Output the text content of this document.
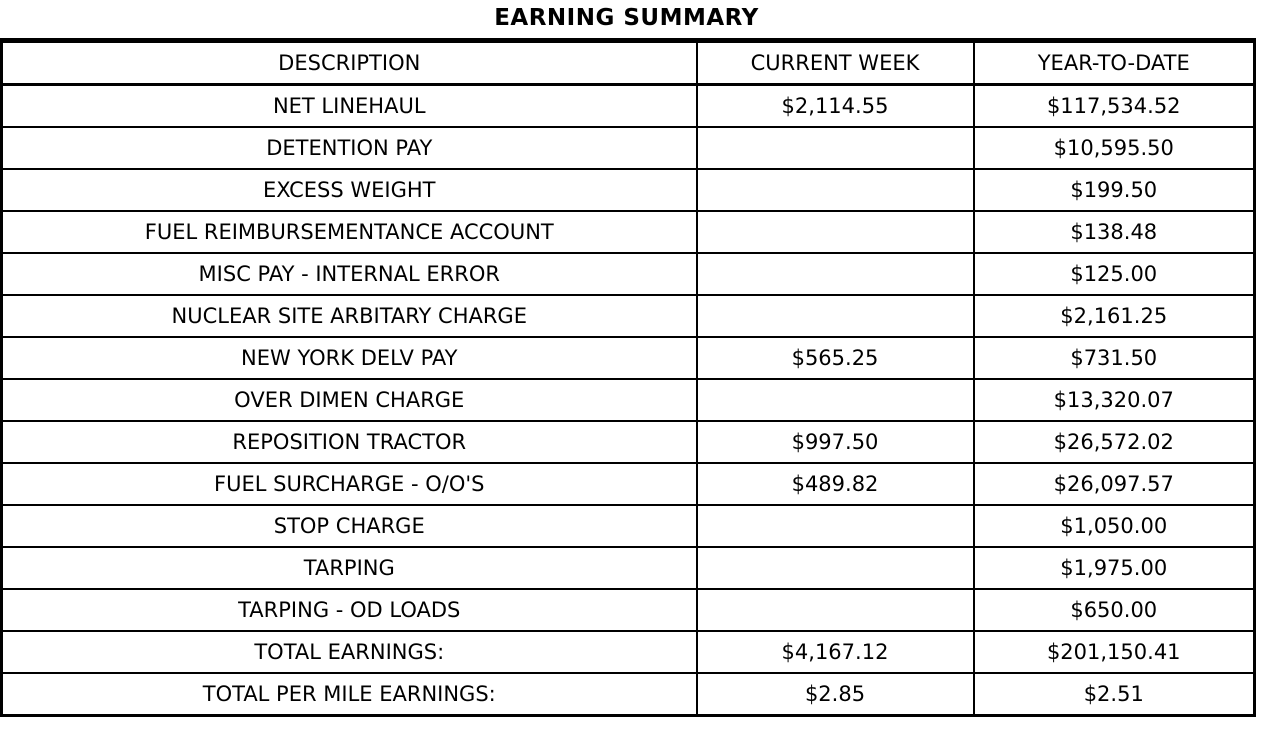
EARNING SUMMARY
DESCRIPTION	CURRENT WEEK	YEAR-TO-DATE
NET LINEHAUL	$2,114.55	$117,534.52
DETENTION PAY		$10,595.50
EXCESS WEIGHT		$199.50
FUEL REIMBURSEMENTANCE ACCOUNT		$138.48
MISC PAY - INTERNAL ERROR		$125.00
NUCLEAR SITE ARBITARY CHARGE		$2,161.25
NEW YORK DELV PAY	$565.25	$731.50
OVER DIMEN CHARGE		$13,320.07
REPOSITION TRACTOR	$997.50	$26,572.02
FUEL SURCHARGE - O/O'S	$489.82	$26,097.57
STOP CHARGE		$1,050.00
TARPING		$1,975.00
TARPING - OD LOADS		$650.00
TOTAL EARNINGS:	$4,167.12	$201,150.41
TOTAL PER MILE EARNINGS:	$2.85	$2.51
